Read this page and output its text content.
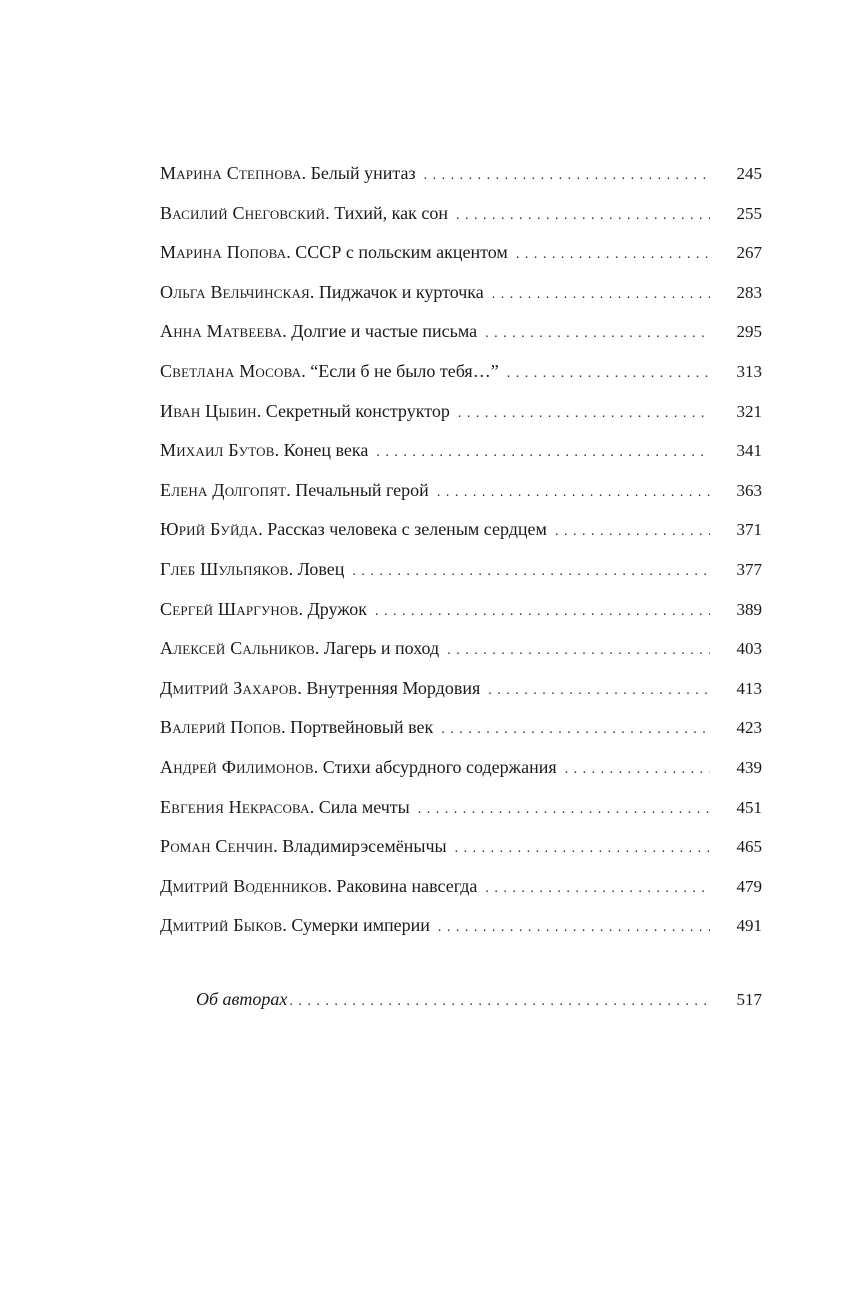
Марина Степнова. Белый унитаз . . .	245
Василий Снеговский. Тихий, как сон . . .	255
Марина Попова. СССР с польским акцентом . . .	267
Ольга Вельчинская. Пиджачок и курточка . . .	283
Анна Матвеева. Долгие и частые письма . . .	295
Светлана Мосова. “Если б не было тебя…” . . .	313
Иван Цыбин. Секретный конструктор . . .	321
Михаил Бутов. Конец века . . .	341
Елена Долгопят. Печальный герой . . .	363
Юрий Буйда. Рассказ человека с зеленым сердцем . . .	371
Глеб Шульпяков. Ловец . . .	377
Сергей Шаргунов. Дружок . . .	389
Алексей Сальников. Лагерь и поход . . .	403
Дмитрий Захаров. Внутренняя Мордовия . . .	413
Валерий Попов. Портвейновый век . . .	423
Андрей Филимонов. Стихи абсурдного содержания . . .	439
Евгения Некрасова. Сила мечты . . .	451
Роман Сенчин. Владимирэсемёнычы . . .	465
Дмитрий Воденников. Раковина навсегда . . .	479
Дмитрий Быков. Сумерки империи . . .	491
Об авторах . . .	517
